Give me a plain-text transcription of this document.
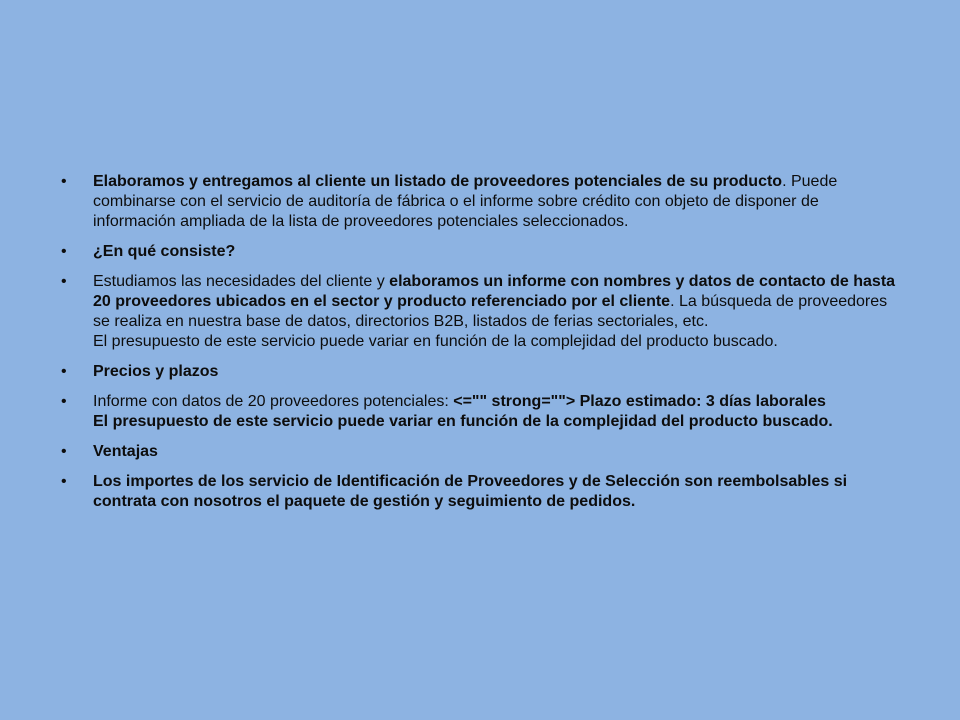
• Elaboramos y entregamos al cliente un listado de proveedores potenciales de su producto. Puede combinarse con el servicio de auditoría de fábrica o el informe sobre crédito con objeto de disponer de información ampliada de la lista de proveedores potenciales seleccionados.
• ¿En qué consiste?
• Estudiamos las necesidades del cliente y elaboramos un informe con nombres y datos de contacto de hasta 20 proveedores ubicados en el sector y producto referenciado por el cliente. La búsqueda de proveedores se realiza en nuestra base de datos, directorios B2B, listados de ferias sectoriales, etc.
El presupuesto de este servicio puede variar en función de la complejidad del producto buscado.
• Precios y plazos
• Informe con datos de 20 proveedores potenciales: <="" strong=""> Plazo estimado: 3 días laborales
El presupuesto de este servicio puede variar en función de la complejidad del producto buscado.
• Ventajas
• Los importes de los servicio de Identificación de Proveedores y de Selección son reembolsables si contrata con nosotros el paquete de gestión y seguimiento de pedidos.
